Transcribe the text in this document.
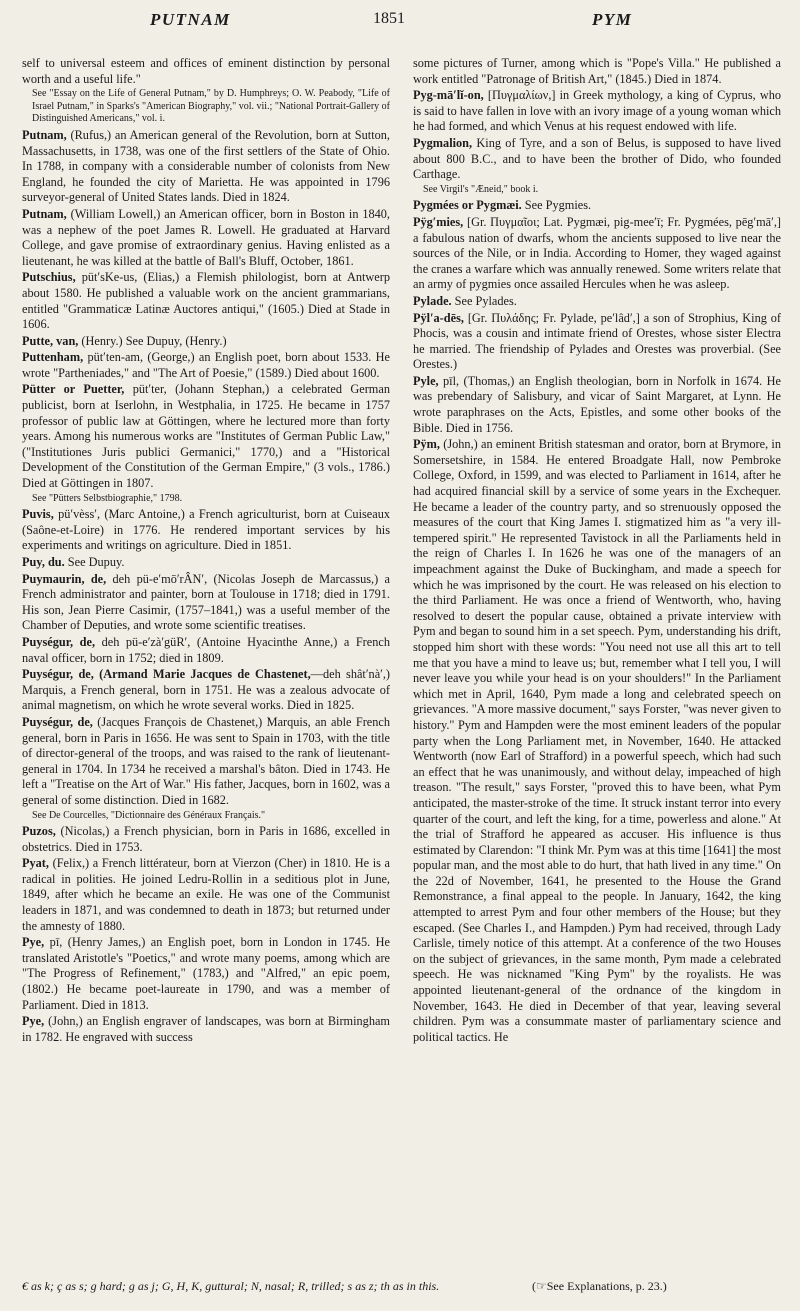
PUTNAM	1851	PYM

self to universal esteem and offices of eminent distinction by personal worth and a useful life."

See "Essay on the Life of General Putnam," by D. Humphreys; O. W. Peabody, "Life of Israel Putnam," in Sparks's "American Biography," vol. vii.; "National Portrait-Gallery of Distinguished Americans," vol. i.

Putnam, (Rufus,) an American general of the Revolution, born at Sutton, Massachusetts, in 1738, was one of the first settlers of the State of Ohio. In 1788, in company with a considerable number of colonists from New England, he founded the city of Marietta. He was appointed in 1796 surveyor-general of United States lands. Died in 1824.

Putnam, (William Lowell,) an American officer, born in Boston in 1840, was a nephew of the poet James R. Lowell. He graduated at Harvard College, and gave promise of extraordinary genius. Having enlisted as a lieutenant, he was killed at the battle of Ball's Bluff, October, 1861.

Putschius, püt′sKe-us, (Elias,) a Flemish philologist, born at Antwerp about 1580. He published a valuable work on the ancient grammarians, entitled "Grammaticæ Latinæ Auctores antiqui," (1605.) Died at Stade in 1606.

Putte, van, (Henry.) See Dupuy, (Henry.)

Puttenham, püt′ten-am, (George,) an English poet, born about 1533. He wrote "Partheniades," and "The Art of Poesie," (1589.) Died about 1600.

Pütter or Puetter, püt′ter, (Johann Stephan,) a celebrated German publicist, born at Iserlohn, in Westphalia, in 1725. He became in 1757 professor of public law at Göttingen, where he lectured more than forty years. Among his numerous works are "Institutes of German Public Law," ("Institutiones Juris publici Germanici," 1770,) and a "Historical Development of the Constitution of the German Empire," (3 vols., 1786.) Died at Göttingen in 1807.

See "Pütters Selbstbiographie," 1798.

Puvis, pü′vèss′, (Marc Antoine,) a French agriculturist, born at Cuiseaux (Saône-et-Loire) in 1776. He rendered important services by his experiments and writings on agriculture. Died in 1851.

Puy, du. See Dupuy.

Puymaurin, de, deh pü-e′mō′rÂN′, (Nicolas Joseph de Marcassus,) a French administrator and painter, born at Toulouse in 1718; died in 1791. His son, Jean Pierre Casimir, (1757–1841,) was a useful member of the Chamber of Deputies, and wrote some scientific treatises.

Puységur, de, deh pü-e′zà′güR′, (Antoine Hyacinthe Anne,) a French naval officer, born in 1752; died in 1809.

Puységur, de, (Armand Marie Jacques de Chastenet,—deh shât′nà′,) Marquis, a French general, born in 1751. He was a zealous advocate of animal magnetism, on which he wrote several works. Died in 1825.

Puységur, de, (Jacques François de Chastenet,) Marquis, an able French general, born in Paris in 1656. He was sent to Spain in 1703, with the title of director-general of the troops, and was raised to the rank of lieutenant-general in 1704. In 1734 he received a marshal's bâton. Died in 1743. He left a "Treatise on the Art of War." His father, Jacques, born in 1602, was a general of some distinction. Died in 1682.

See De Courcelles, "Dictionnaire des Généraux Français."

Puzos, (Nicolas,) a French physician, born in Paris in 1686, excelled in obstetrics. Died in 1753.

Pyat, (Felix,) a French littérateur, born at Vierzon (Cher) in 1810. He is a radical in polities. He joined Ledru-Rollin in a seditious plot in June, 1849, after which he became an exile. He was one of the Communist leaders in 1871, and was condemned to death in 1873; but returned under the amnesty of 1880.

Pye, pī, (Henry James,) an English poet, born in London in 1745. He translated Aristotle's "Poetics," and wrote many poems, among which are "The Progress of Refinement," (1783,) and "Alfred," an epic poem, (1802.) He became poet-laureate in 1790, and was a member of Parliament. Died in 1813.

Pye, (John,) an English engraver of landscapes, was born at Birmingham in 1782. He engraved with success

some pictures of Turner, among which is "Pope's Villa." He published a work entitled "Patronage of British Art," (1845.) Died in 1874.

Pyg-mā′lĭ-on, [Πυγμαλίων,] in Greek mythology, a king of Cyprus, who is said to have fallen in love with an ivory image of a young woman which he had formed, and which Venus at his request endowed with life.

Pygmalion, King of Tyre, and a son of Belus, is supposed to have lived about 800 B.C., and to have been the brother of Dido, who founded Carthage.

See Virgil's "Æneid," book i.

Pygmées or Pygmæi. See Pygmies.

Pÿg′mies, [Gr. Πυγμαῖοι; Lat. Pygmæi, pig-mee′ī; Fr. Pygmées, pēg′mā′,] a fabulous nation of dwarfs, whom the ancients supposed to live near the sources of the Nile, or in India. According to Homer, they waged against the cranes a warfare which was annually renewed. Some writers relate that an army of pygmies once assailed Hercules when he was asleep.

Pylade. See Pylades.

Pÿl′a-dēs, [Gr. Πυλάδης; Fr. Pylade, pe′lâd′,] a son of Strophius, King of Phocis, was a cousin and intimate friend of Orestes, whose sister Electra he married. The friendship of Pylades and Orestes was proverbial. (See Orestes.)

Pyle, pīl, (Thomas,) an English theologian, born in Norfolk in 1674. He was prebendary of Salisbury, and vicar of Saint Margaret, at Lynn. He wrote paraphrases on the Acts, Epistles, and some other books of the Bible. Died in 1756.

Pÿm, (John,) an eminent British statesman and orator, born at Brymore, in Somersetshire, in 1584. He entered Broadgate Hall, now Pembroke College, Oxford, in 1599, and was elected to Parliament in 1614, after he had acquired financial skill by a service of some years in the Exchequer. He became a leader of the country party, and so strenuously opposed the measures of the court that King James I. stigmatized him as "a very ill-tempered spirit." He represented Tavistock in all the Parliaments held in the reign of Charles I. In 1626 he was one of the managers of an impeachment against the Duke of Buckingham, and made a speech for which he was imprisoned by the court. He was released on his election to the third Parliament. He was once a friend of Wentworth, who, having resolved to desert the popular cause, obtained a private interview with Pym and began to sound him in a set speech. Pym, understanding his drift, stopped him short with these words: "You need not use all this art to tell me that you have a mind to leave us; but, remember what I tell you, I will never leave you while your head is on your shoulders!" In the Parliament which met in April, 1640, Pym made a long and celebrated speech on grievances. "A more massive document," says Forster, "was never given to history." Pym and Hampden were the most eminent leaders of the popular party when the Long Parliament met, in November, 1640. He attacked Wentworth (now Earl of Strafford) in a powerful speech, which had such an effect that he was unanimously, and without delay, impeached of high treason. "The result," says Forster, "proved this to have been, what Pym anticipated, the master-stroke of the time. It struck instant terror into every quarter of the court, and left the king, for a time, powerless and alone." At the trial of Strafford he appeared as accuser. His influence is thus estimated by Clarendon: "I think Mr. Pym was at this time [1641] the most popular man, and the most able to do hurt, that hath lived in any time." On the 22d of November, 1641, he presented to the House the Grand Remonstrance, a final appeal to the people. In January, 1642, the king attempted to arrest Pym and four other members of the House; but they escaped. (See Charles I., and Hampden.) Pym had received, through Lady Carlisle, timely notice of this attempt. At a conference of the two Houses on the subject of grievances, in the same month, Pym made a celebrated speech. He was nicknamed "King Pym" by the royalists. He was appointed lieutenant-general of the ordnance of the kingdom in November, 1643. He died in December of that year, leaving several children. Pym was a consummate master of parliamentary science and political tactics. He

€ as k; ç as s; g hard; g as j; G, H, K, guttural; N, nasal; R, trilled; s as z; th as in this.	(☞See Explanations, p. 23.)
